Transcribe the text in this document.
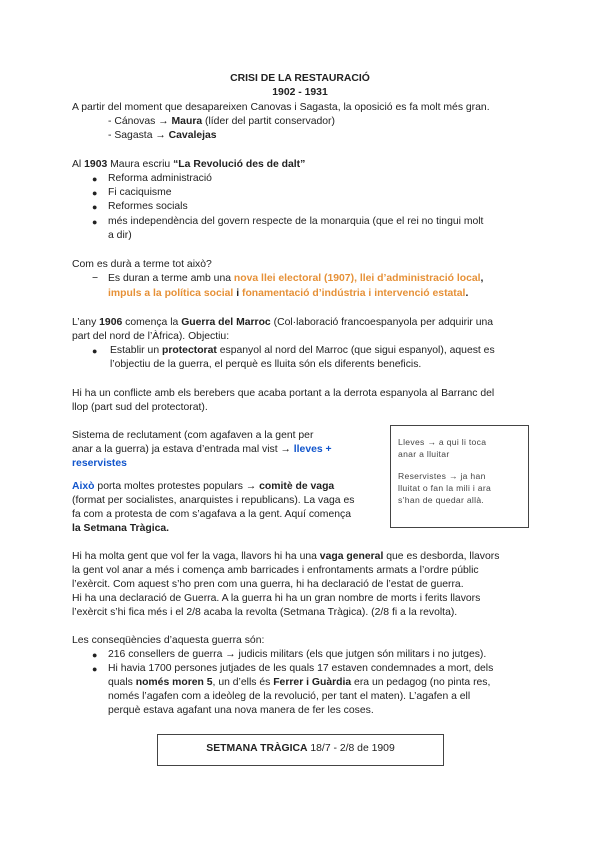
CRISI DE LA RESTAURACIÓ
1902 - 1931
A partir del moment que desapareixen Canovas i Sagasta, la oposició es fa molt més gran.
- Cánovas → Maura (líder del partit conservador)
- Sagasta → Cavalejas
Al 1903 Maura escriu “La Revolució des de dalt”
● Reforma administració
● Fi caciquisme
● Reformes socials
● més independència del govern respecte de la monarquia (que el rei no tingui molt
a dir)
Com es durà a terme tot això?
− Es duran a terme amb una nova llei electoral (1907), llei d’administració local,
impuls a la política social i fonamentació d’indústria i intervenció estatal.
L’any 1906 comença la Guerra del Marroc (Col·laboració francoespanyola per adquirir una
part del nord de l’Àfrica). Objectiu:
● Establir un protectorat espanyol al nord del Marroc (que sigui espanyol), aquest es
l’objectiu de la guerra, el perquè es lluita són els diferents beneficis.
Hi ha un conflicte amb els berebers que acaba portant a la derrota espanyola al Barranc del
llop (part sud del protectorat).
Sistema de reclutament (com agafaven a la gent per
anar a la guerra) ja estava d’entrada mal vist → lleves +
reservistes
Això porta moltes protestes populars → comitè de vaga
(format per socialistes, anarquistes i republicans). La vaga es
fa com a protesta de com s’agafava a la gent. Aquí comença
la Setmana Tràgica.
Lleves → a qui li toca
anar a lluitar
Reservistes → ja han
lluitat o fan la mili i ara
s’han de quedar allà.
Hi ha molta gent que vol fer la vaga, llavors hi ha una vaga general que es desborda, llavors
la gent vol anar a més i comença amb barricades i enfrontaments armats a l’ordre públic
l’exèrcit. Com aquest s’ho pren com una guerra, hi ha declaració de l’estat de guerra.
Hi ha una declaració de Guerra. A la guerra hi ha un gran nombre de morts i ferits llavors
l’exèrcit s’hi fica més i el 2/8 acaba la revolta (Setmana Tràgica). (2/8 fi a la revolta).
Les conseqüències d’aquesta guerra són:
● 216 consellers de guerra → judicis militars (els que jutgen són militars i no jutges).
● Hi havia 1700 persones jutjades de les quals 17 estaven condemnades a mort, dels
quals només moren 5, un d’ells és Ferrer i Guàrdia era un pedagog (no pinta res,
només l’agafen com a ideòleg de la revolució, per tant el maten). L’agafen a ell
perquè estava agafant una nova manera de fer les coses.
SETMANA TRÀGICA 18/7 - 2/8 de 1909
